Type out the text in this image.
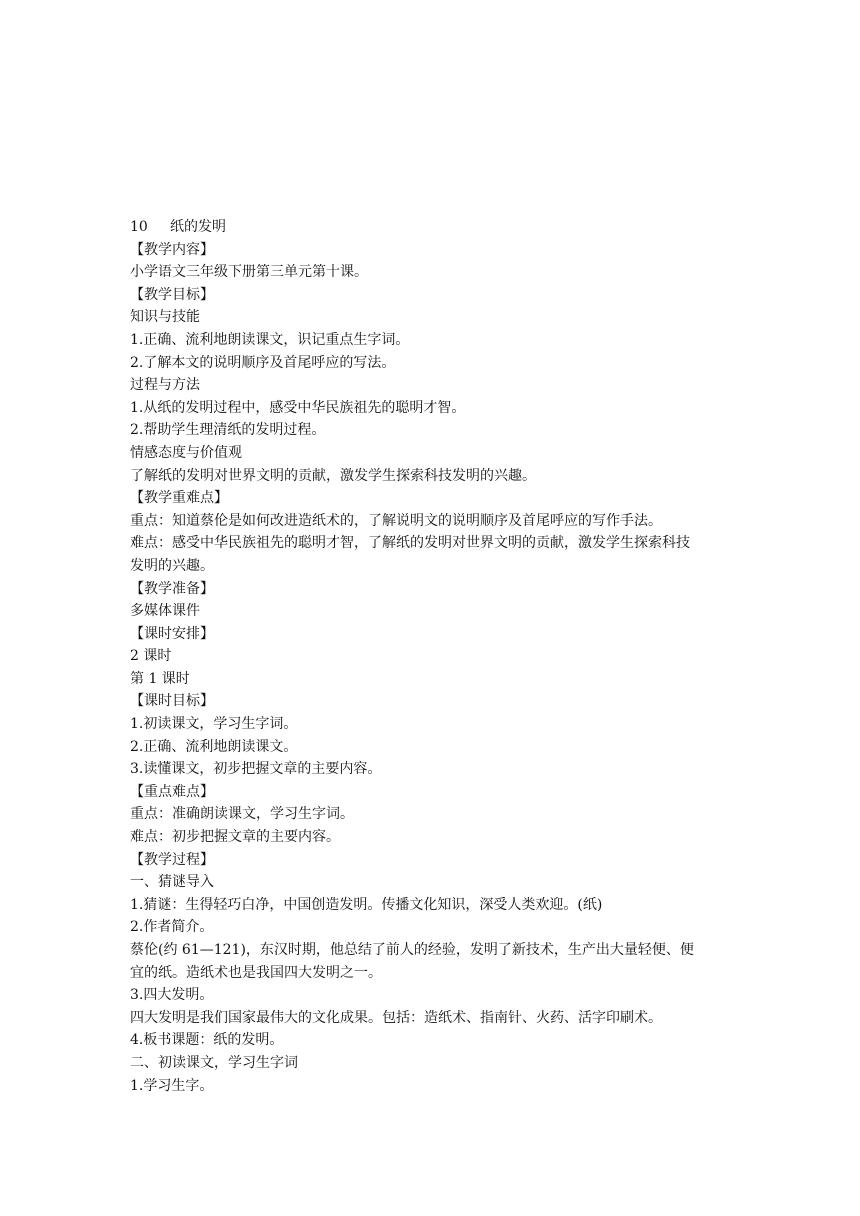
10 纸的发明

【教学内容】

小学语文三年级下册第三单元第十课。

【教学目标】

知识与技能

1.正确、流利地朗读课文，识记重点生字词。

2.了解本文的说明顺序及首尾呼应的写法。

过程与方法

1.从纸的发明过程中，感受中华民族祖先的聪明才智。

2.帮助学生理清纸的发明过程。

情感态度与价值观

了解纸的发明对世界文明的贡献，激发学生探索科技发明的兴趣。

【教学重难点】

重点：知道蔡伦是如何改进造纸术的，了解说明文的说明顺序及首尾呼应的写作手法。

难点：感受中华民族祖先的聪明才智，了解纸的发明对世界文明的贡献，激发学生探索科技

发明的兴趣。

【教学准备】

多媒体课件

【课时安排】

2 课时

第 1 课时

【课时目标】

1.初读课文，学习生字词。

2.正确、流利地朗读课文。

3.读懂课文，初步把握文章的主要内容。

【重点难点】

重点：准确朗读课文，学习生字词。

难点：初步把握文章的主要内容。

【教学过程】

一、猜谜导入

1.猜谜：生得轻巧白净，中国创造发明。传播文化知识，深受人类欢迎。(纸)

2.作者简介。

蔡伦(约 61—121)，东汉时期，他总结了前人的经验，发明了新技术，生产出大量轻便、便

宜的纸。造纸术也是我国四大发明之一。

3.四大发明。

四大发明是我们国家最伟大的文化成果。包括：造纸术、指南针、火药、活字印刷术。

4.板书课题：纸的发明。

二、初读课文，学习生字词

1.学习生字。
